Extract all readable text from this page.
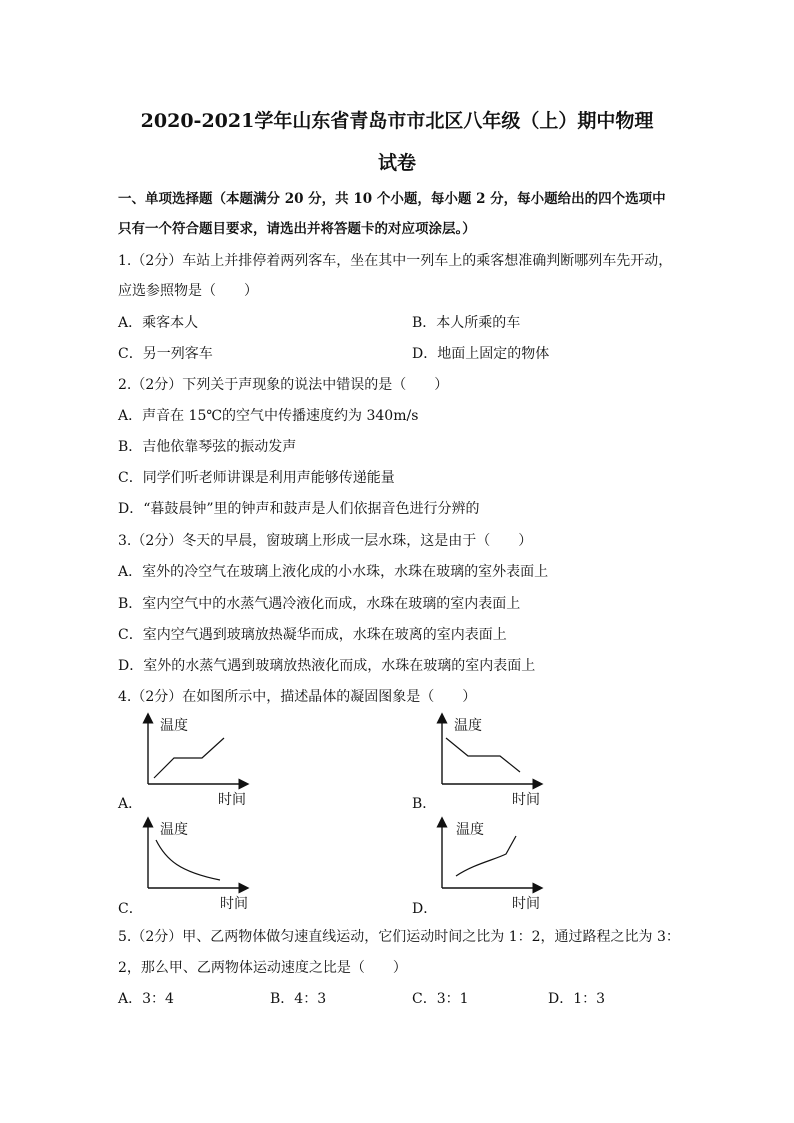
2020-2021学年山东省青岛市市北区八年级（上）期中物理
试卷
一、单项选择题（本题满分 20 分，共 10 个小题，每小题 2 分，每小题给出的四个选项中
只有一个符合题目要求，请选出并将答题卡的对应项涂层。）
1.（2分）车站上并排停着两列客车，坐在其中一列车上的乘客想准确判断哪列车先开动，
应选参照物是（　　）
A．乘客本人	B．本人所乘的车
C．另一列客车	D．地面上固定的物体
2.（2分）下列关于声现象的说法中错误的是（　　）
A．声音在 15℃的空气中传播速度约为 340m/s
B．吉他依靠琴弦的振动发声
C．同学们听老师讲课是利用声能够传递能量
D．“暮鼓晨钟”里的钟声和鼓声是人们依据音色进行分辨的
3.（2分）冬天的早晨，窗玻璃上形成一层水珠，这是由于（　　）
A．室外的冷空气在玻璃上液化成的小水珠，水珠在玻璃的室外表面上
B．室内空气中的水蒸气遇冷液化而成，水珠在玻璃的室内表面上
C．室内空气遇到玻璃放热凝华而成，水珠在玻离的室内表面上
D．室外的水蒸气遇到玻璃放热液化而成，水珠在玻璃的室内表面上
4.（2分）在如图所示中，描述晶体的凝固图象是（　　）
A．
温度
时间	B．
温度
时间
C．
温度
时间	D．
温度
时间
5.（2分）甲、乙两物体做匀速直线运动，它们运动时间之比为 1：2，通过路程之比为 3：
2，那么甲、乙两物体运动速度之比是（　　）
A．3：4	B．4：3	C．3：1	D．1：3
